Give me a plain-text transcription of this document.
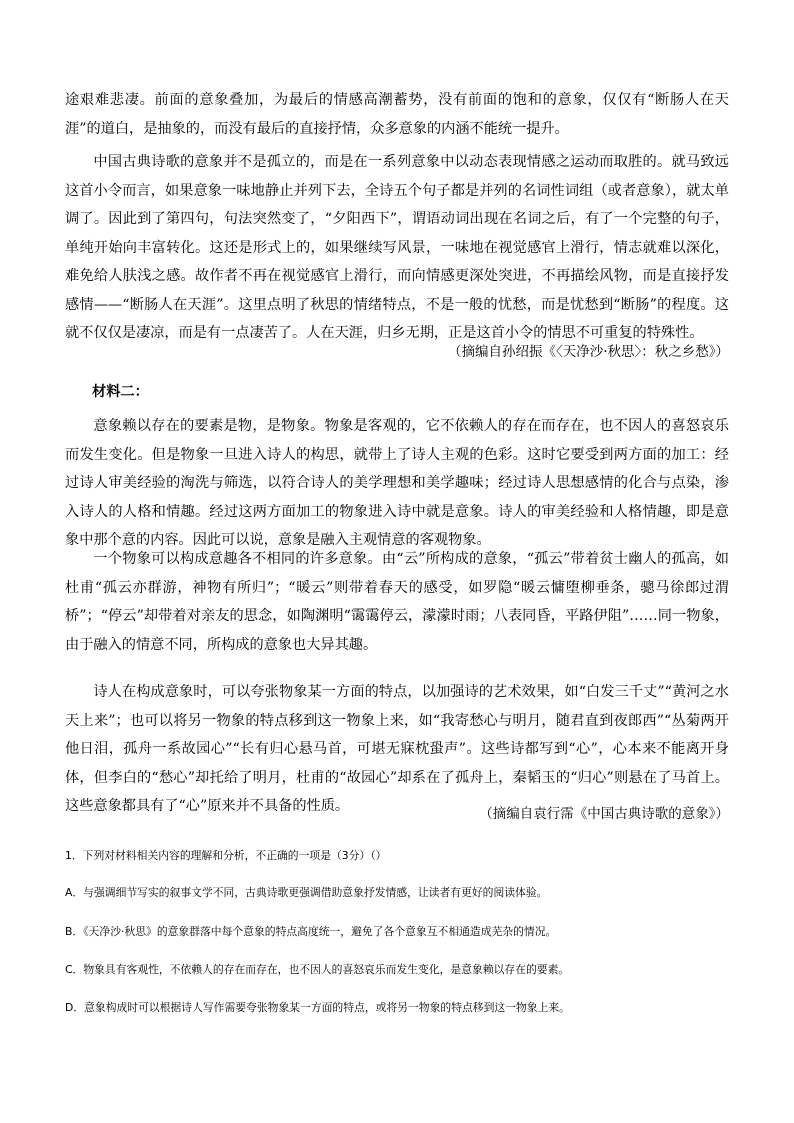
途艰难悲凄。前面的意象叠加，为最后的情感高潮蓄势，没有前面的饱和的意象，仅仅有“断肠人在天涯”的道白，是抽象的，而没有最后的直接抒情，众多意象的内涵不能统一提升。

中国古典诗歌的意象并不是孤立的，而是在一系列意象中以动态表现情感之运动而取胜的。就马致远这首小令而言，如果意象一味地静止并列下去，全诗五个句子都是并列的名词性词组（或者意象），就太单调了。因此到了第四句，句法突然变了，“夕阳西下”，谓语动词出现在名词之后，有了一个完整的句子，单纯开始向丰富转化。这还是形式上的，如果继续写风景，一味地在视觉感官上滑行，情志就难以深化，难免给人肤浅之感。故作者不再在视觉感官上滑行，而向情感更深处突进，不再描绘风物，而是直接抒发感情——“断肠人在天涯”。这里点明了秋思的情绪特点，不是一般的忧愁，而是忧愁到“断肠”的程度。这就不仅仅是凄凉，而是有一点凄苦了。人在天涯，归乡无期，正是这首小令的情思不可重复的特殊性。

（摘编自孙绍振《〈天净沙·秋思〉：秋之乡愁》）

材料二：

意象赖以存在的要素是物，是物象。物象是客观的，它不依赖人的存在而存在，也不因人的喜怒哀乐而发生变化。但是物象一旦进入诗人的构思，就带上了诗人主观的色彩。这时它要受到两方面的加工：经过诗人审美经验的淘洗与筛选，以符合诗人的美学理想和美学趣味；经过诗人思想感情的化合与点染，渗入诗人的人格和情趣。经过这两方面加工的物象进入诗中就是意象。诗人的审美经验和人格情趣，即是意象中那个意的内容。因此可以说，意象是融入主观情意的客观物象。

一个物象可以构成意趣各不相同的许多意象。由“云”所构成的意象，“孤云”带着贫士幽人的孤高，如杜甫“孤云亦群游，神物有所归”；“暖云”则带着春天的感受，如罗隐“暖云慵堕柳垂条，骢马徐郎过渭桥”；“停云”却带着对亲友的思念，如陶渊明“霭霭停云，濛濛时雨；八表同昏，平路伊阻”……同一物象，由于融入的情意不同，所构成的意象也大异其趣。

诗人在构成意象时，可以夸张物象某一方面的特点，以加强诗的艺术效果，如“白发三千丈”“黄河之水天上来”；也可以将另一物象的特点移到这一物象上来，如“我寄愁心与明月，随君直到夜郎西”“丛菊两开他日泪，孤舟一系故园心”“长有归心悬马首，可堪无寐枕蛩声”。这些诗都写到“心”，心本来不能离开身体，但李白的“愁心”却托给了明月，杜甫的“故园心”却系在了孤舟上，秦韬玉的“归心”则悬在了马首上。这些意象都具有了“心”原来并不具备的性质。	（摘编自袁行霈《中国古典诗歌的意象》）

1．下列对材料相关内容的理解和分析，不正确的一项是（3分）（）

A．与强调细节写实的叙事文学不同，古典诗歌更强调借助意象抒发情感，让读者有更好的阅读体验。

B．《天净沙·秋思》的意象群落中每个意象的特点高度统一，避免了各个意象互不相通造成芜杂的情况。

C．物象具有客观性，不依赖人的存在而存在，也不因人的喜怒哀乐而发生变化，是意象赖以存在的要素。

D．意象构成时可以根据诗人写作需要夸张物象某一方面的特点，或将另一物象的特点移到这一物象上来。
